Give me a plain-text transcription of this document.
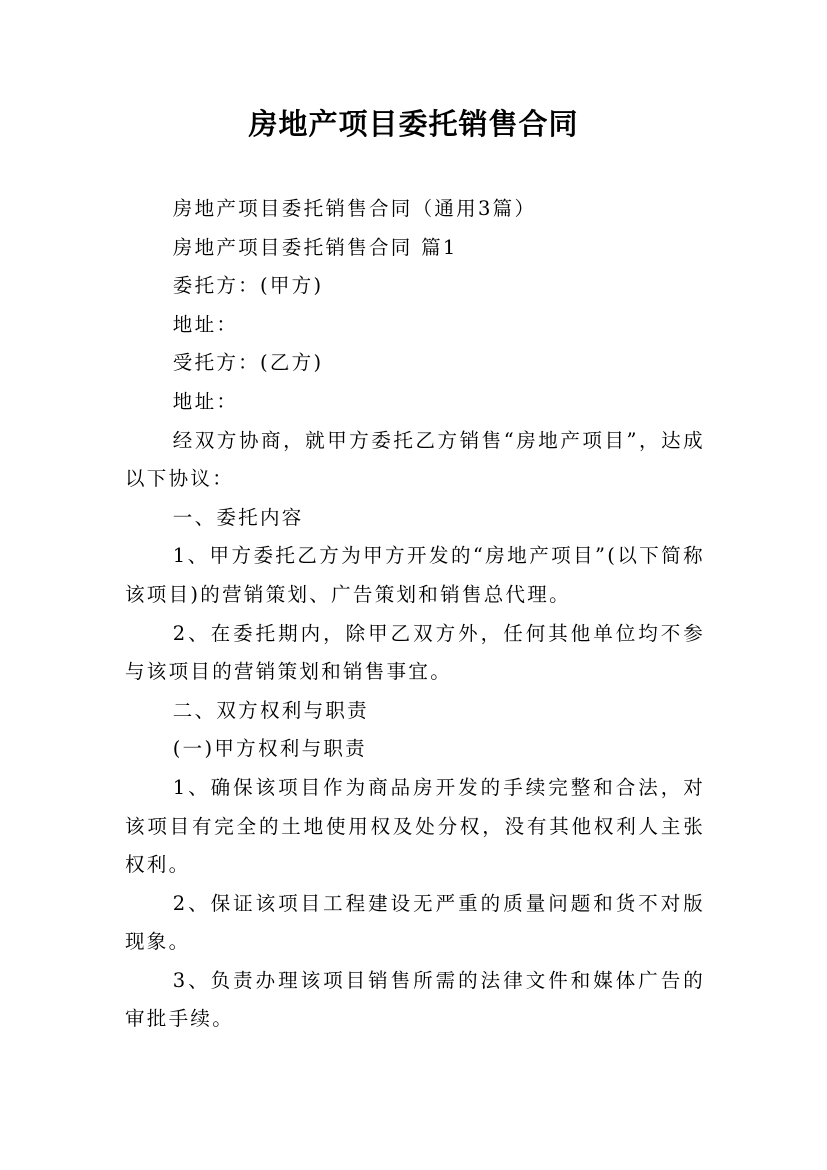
房地产项目委托销售合同

房地产项目委托销售合同（通用3篇）

房地产项目委托销售合同 篇1

委托方：(甲方)

地址：

受托方：(乙方)

地址：

经双方协商，就甲方委托乙方销售“房地产项目”，达成以下协议：

一、委托内容

1、甲方委托乙方为甲方开发的“房地产项目”(以下简称该项目)的营销策划、广告策划和销售总代理。

2、在委托期内，除甲乙双方外，任何其他单位均不参与该项目的营销策划和销售事宜。

二、双方权利与职责

(一)甲方权利与职责

1、确保该项目作为商品房开发的手续完整和合法，对该项目有完全的土地使用权及处分权，没有其他权利人主张权利。

2、保证该项目工程建设无严重的质量问题和货不对版现象。

3、负责办理该项目销售所需的法律文件和媒体广告的审批手续。
